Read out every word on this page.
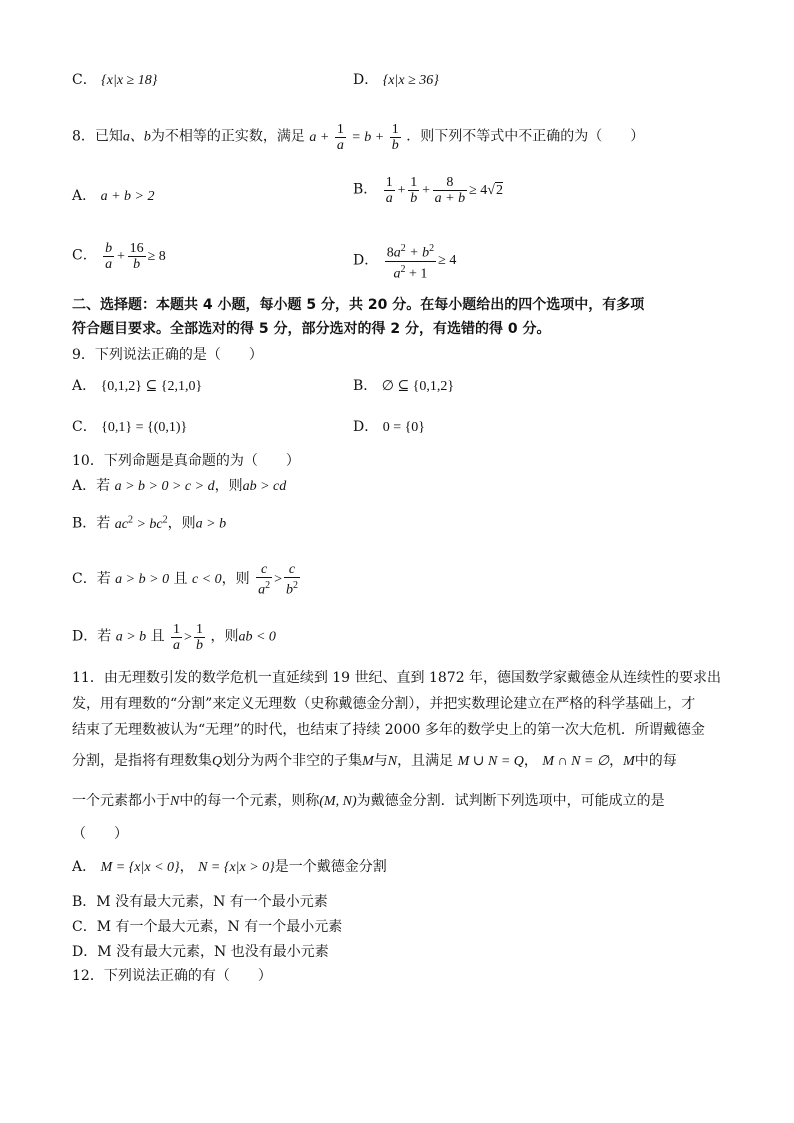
C． {x|x ≥ 18}	D． {x|x ≥ 36}
8．已知a、b为不相等的正实数，满足 $a + \frac{1}{a} = b + \frac{1}{b}$ ．则下列不等式中不正确的为（　　）
A． a + b > 2	B． $\frac{1}{a} + \frac{1}{b} + \frac{8}{a + b} \ge 4√2$
C． $\frac{b}{a} + \frac{16}{b} \ge 8$	D． $\frac{8a^2 + b^2}{a^2 + 1} \ge 4$
二、选择题：本题共 4 小题，每小题 5 分，共 20 分。在每小题给出的四个选项中，有多项
符合题目要求。全部选对的得 5 分，部分选对的得 2 分，有选错的得 0 分。
9．下列说法正确的是（　　）
A． {0,1,2} ⊆ {2,1,0}	B． ∅ ⊆ {0,1,2}
C． {0,1} = {(0,1)}	D． 0 = {0}
10．下列命题是真命题的为（　　）
A．若 a > b > 0 > c > d，则ab > cd
B．若 $ac^2 > bc^2$，则a > b
C．若 a > b > 0 且 c < 0，则 $\frac{c}{a^2} > \frac{c}{b^2}$
D．若 a > b 且 $\frac{1}{a} > \frac{1}{b}$ ，则ab < 0
11．由无理数引发的数学危机一直延续到 19 世纪、直到 1872 年，德国数学家戴德金从连续性的要求出
发，用有理数的“分割”来定义无理数（史称戴德金分割），并把实数理论建立在严格的科学基础上，才
结束了无理数被认为“无理”的时代，也结束了持续 2000 多年的数学史上的第一次大危机．所谓戴德金
分割，是指将有理数集Q划分为两个非空的子集M与N，且满足 M ∪ N = Q， M ∩ N = ∅，M中的每
一个元素都小于N中的每一个元素，则称(M, N)为戴德金分割．试判断下列选项中，可能成立的是
（　　）
A． M = {x|x < 0}， N = {x|x > 0}是一个戴德金分割
B．M 没有最大元素，N 有一个最小元素
C．M 有一个最大元素，N 有一个最小元素
D．M 没有最大元素，N 也没有最小元素
12．下列说法正确的有（　　）
